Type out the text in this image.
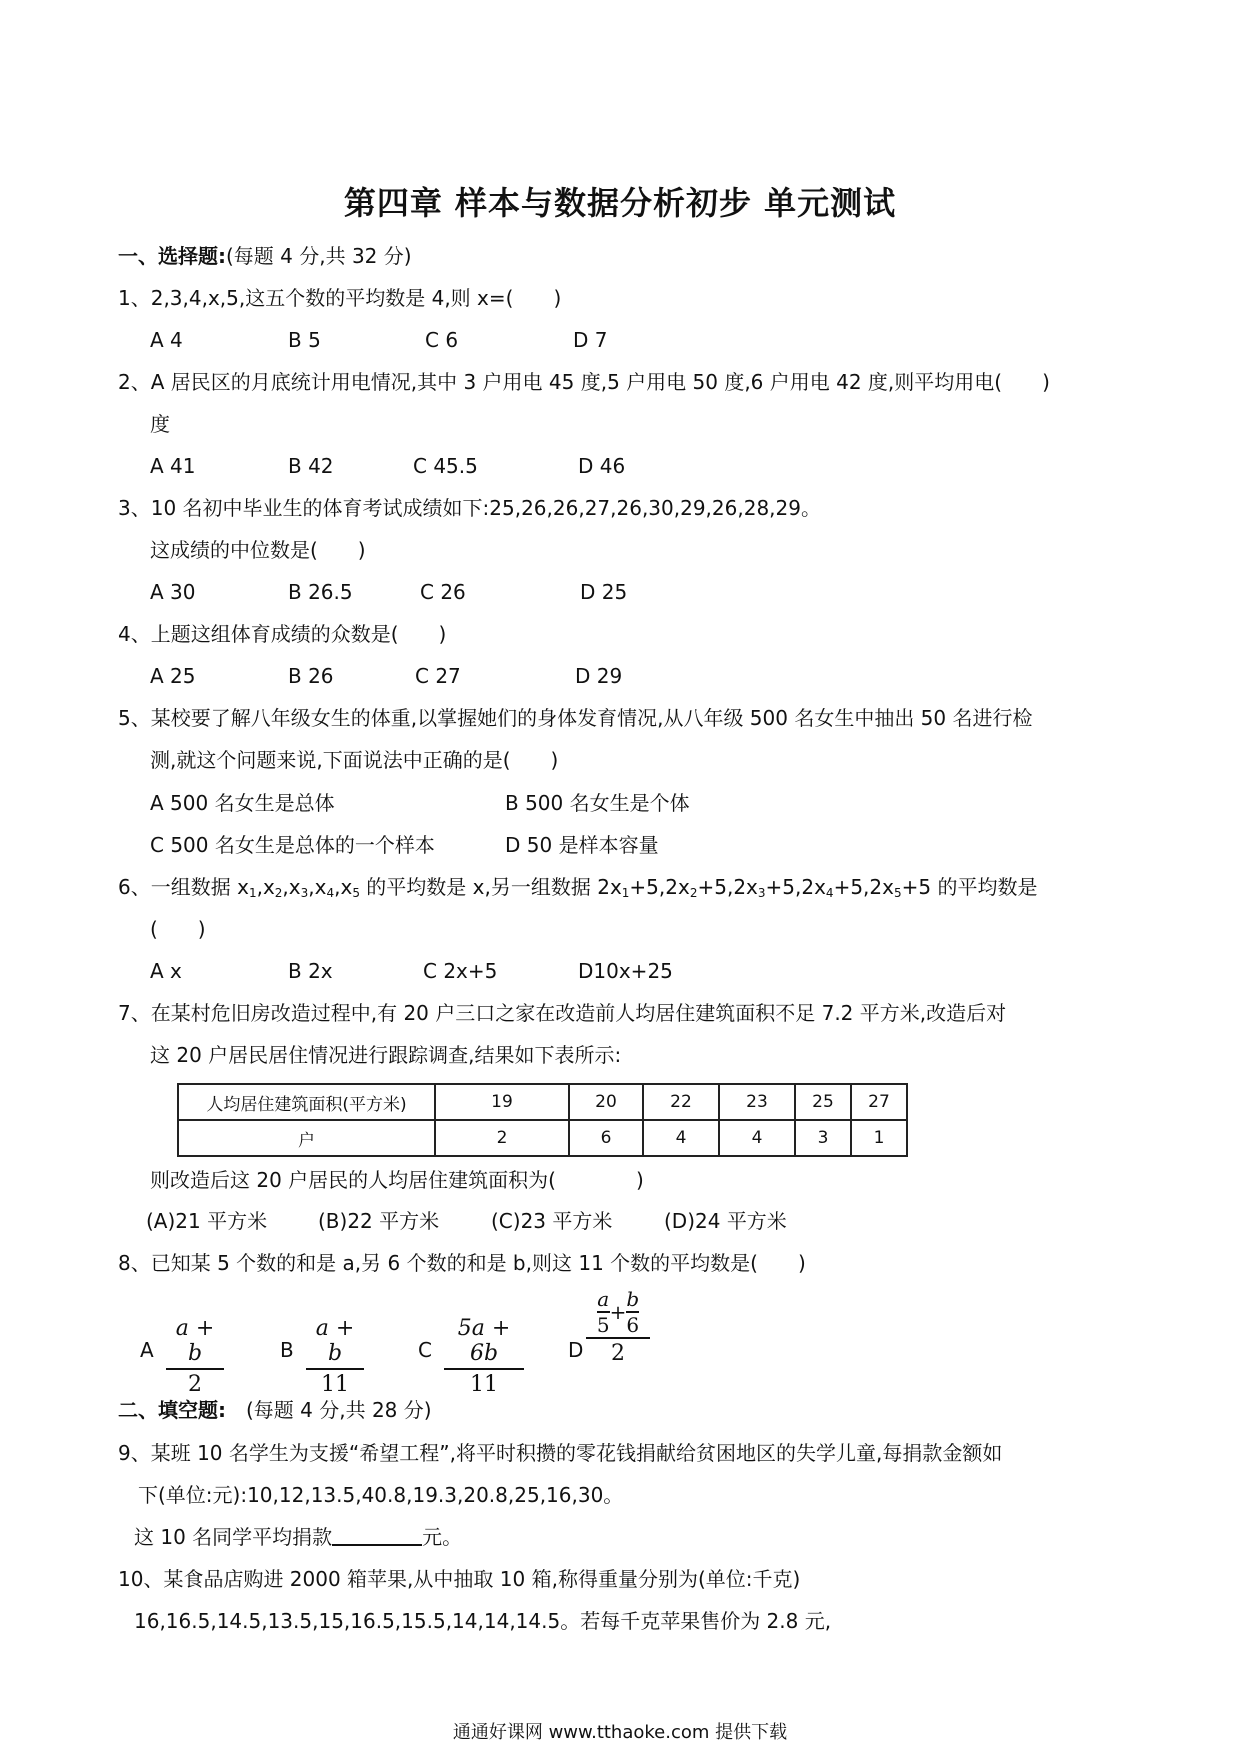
第四章 样本与数据分析初步 单元测试
一、选择题:(每题 4 分,共 32 分)
1、2,3,4,x,5,这五个数的平均数是 4,则 x=(　　)
A 4	B 5	C 6	D 7
2、A 居民区的月底统计用电情况,其中 3 户用电 45 度,5 户用电 50 度,6 户用电 42 度,则平均用电(　　)
度
A 41	B 42	C 45.5	D 46
3、10 名初中毕业生的体育考试成绩如下:25,26,26,27,26,30,29,26,28,29。
这成绩的中位数是(　　)
A 30	B 26.5	C 26	D 25
4、上题这组体育成绩的众数是(　　)
A 25	B 26	C 27	D 29
5、某校要了解八年级女生的体重,以掌握她们的身体发育情况,从八年级 500 名女生中抽出 50 名进行检
测,就这个问题来说,下面说法中正确的是(　　)
A 500 名女生是总体	B 500 名女生是个体
C 500 名女生是总体的一个样本	D 50 是样本容量
6、一组数据 $x_1,x_2,x_3,x_4,x_5$ 的平均数是 x,另一组数据 $2x_1+5,2x_2+5,2x_3+5,2x_4+5,2x_5+5$ 的平均数是
(　　)
A x	B 2x	C 2x+5	D10x+25
7、在某村危旧房改造过程中,有 20 户三口之家在改造前人均居住建筑面积不足 7.2 平方米,改造后对
这 20 户居民居住情况进行跟踪调查,结果如下表所示:
人均居住建筑面积(平方米)	19	20	22	23	25	27
户	2	6	4	4	3	1
则改造后这 20 户居民的人均居住建筑面积为(　　　　)
(A)21 平方米	(B)22 平方米	(C)23 平方米	(D)24 平方米
8、已知某 5 个数的和是 a,另 6 个数的和是 b,则这 11 个数的平均数是(　　)
A
a + b
2
B
a + b
11
C
5a + 6b
11
D
$\frac{a}{5} + \frac{b}{6}$
2
二、填空题:　 (每题 4 分,共 28 分)
9、某班 10 名学生为支援“希望工程”,将平时积攒的零花钱捐献给贫困地区的失学儿童,每捐款金额如
下(单位:元):10,12,13.5,40.8,19.3,20.8,25,16,30。
这 10 名同学平均捐款	元。
10、某食品店购进 2000 箱苹果,从中抽取 10 箱,称得重量分别为(单位:千克)
16,16.5,14.5,13.5,15,16.5,15.5,14,14,14.5。若每千克苹果售价为 2.8 元,
通通好课网 www.tthaoke.com 提供下载
